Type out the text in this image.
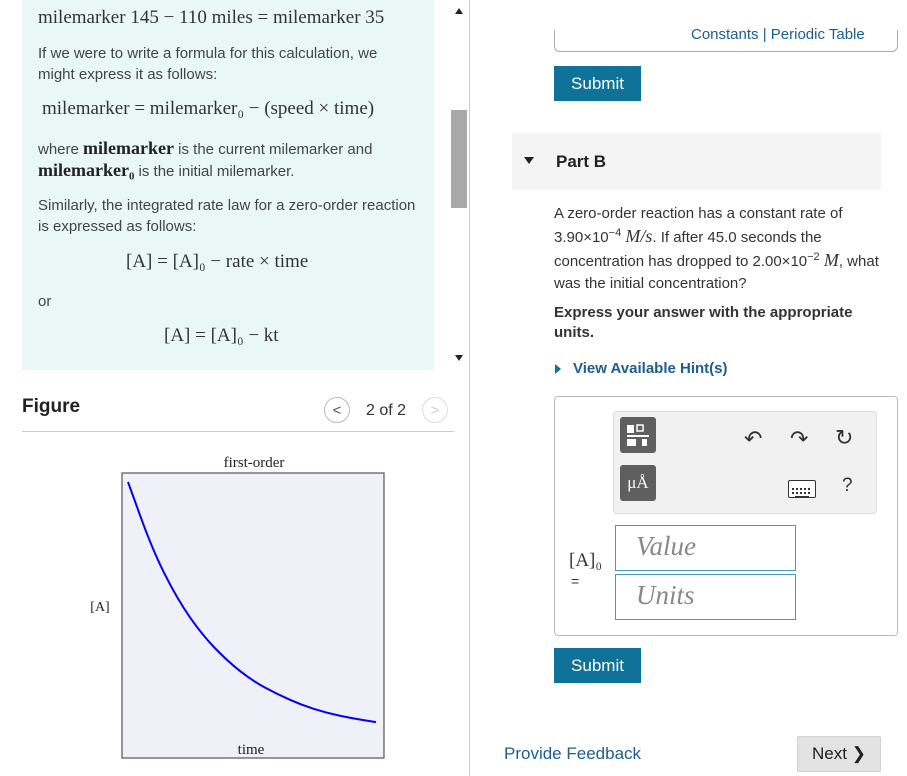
milemarker 145 − 110 miles = milemarker 35
If we were to write a formula for this calculation, we might express it as follows:
milemarker = milemarker₀ − (speed × time)
where milemarker is the current milemarker and milemarker₀ is the initial milemarker.
Similarly, the integrated rate law for a zero-order reaction is expressed as follows:
[A] = [A]₀ − rate × time
or
[A] = [A]₀ − kt
Figure	<	2 of 2	>
first-order
time
[A]
Constants | Periodic Table
Submit
Part B
A zero-order reaction has a constant rate of $3.90\times 10^{-4}$ M/s. If after 45.0 seconds the concentration has dropped to $2.00\times 10^{-2}$ M, what was the initial concentration?
Express your answer with the appropriate units.
View Available Hint(s)
μÅ
↶ ↷ ↻
?
[A]₀
=
Value
Units
Submit
Provide Feedback	Next ❯
